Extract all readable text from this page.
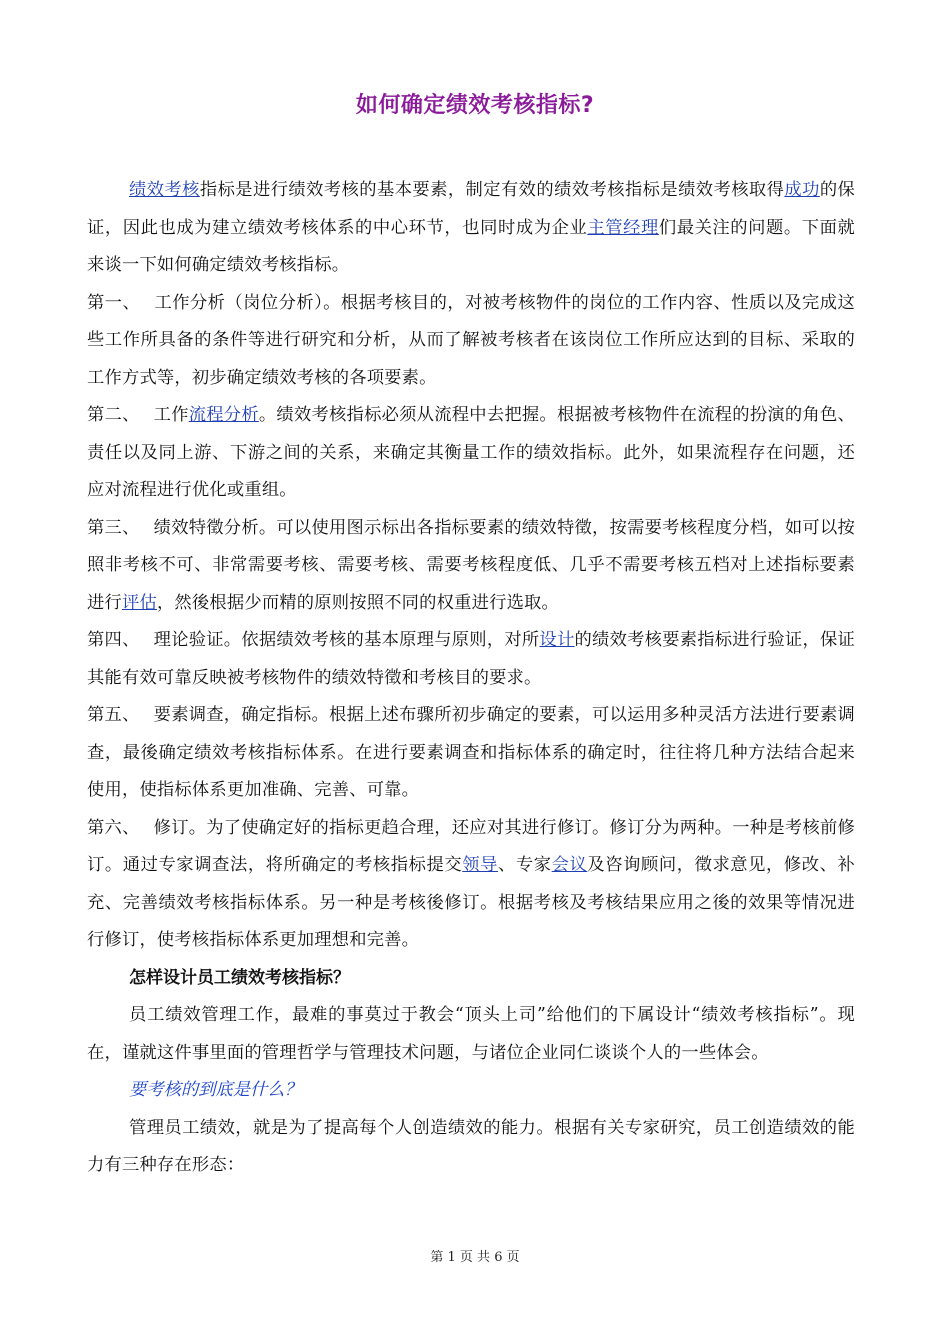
如何确定绩效考核指标?

绩效考核指标是进行绩效考核的基本要素，制定有效的绩效考核指标是绩效考核取得成功的保证，因此也成为建立绩效考核体系的中心环节，也同时成为企业主管经理们最关注的问题。下面就来谈一下如何确定绩效考核指标。

第一、 工作分析（岗位分析）。根据考核目的，对被考核物件的岗位的工作内容、性质以及完成这些工作所具备的条件等进行研究和分析，从而了解被考核者在该岗位工作所应达到的目标、采取的工作方式等，初步确定绩效考核的各项要素。

第二、 工作流程分析。绩效考核指标必须从流程中去把握。根据被考核物件在流程的扮演的角色、责任以及同上游、下游之间的关系，来确定其衡量工作的绩效指标。此外，如果流程存在问题，还应对流程进行优化或重组。

第三、 绩效特徵分析。可以使用图示标出各指标要素的绩效特徵，按需要考核程度分档，如可以按照非考核不可、非常需要考核、需要考核、需要考核程度低、几乎不需要考核五档对上述指标要素进行评估，然後根据少而精的原则按照不同的权重进行选取。

第四、 理论验证。依据绩效考核的基本原理与原则，对所设计的绩效考核要素指标进行验证，保证其能有效可靠反映被考核物件的绩效特徵和考核目的要求。

第五、 要素调查，确定指标。根据上述布骤所初步确定的要素，可以运用多种灵活方法进行要素调查，最後确定绩效考核指标体系。在进行要素调查和指标体系的确定时，往往将几种方法结合起来使用，使指标体系更加准确、完善、可靠。

第六、 修订。为了使确定好的指标更趋合理，还应对其进行修订。修订分为两种。一种是考核前修订。通过专家调查法，将所确定的考核指标提交领导、专家会议及咨询顾问，徵求意见，修改、补充、完善绩效考核指标体系。另一种是考核後修订。根据考核及考核结果应用之後的效果等情况进行修订，使考核指标体系更加理想和完善。

怎样设计员工绩效考核指标？

员工绩效管理工作，最难的事莫过于教会“顶头上司”给他们的下属设计“绩效考核指标”。现在，谨就这件事里面的管理哲学与管理技术问题，与诸位企业同仁谈谈个人的一些体会。

要考核的到底是什么？

管理员工绩效，就是为了提高每个人创造绩效的能力。根据有关专家研究，员工创造绩效的能力有三种存在形态：

第 1 页 共 6 页
